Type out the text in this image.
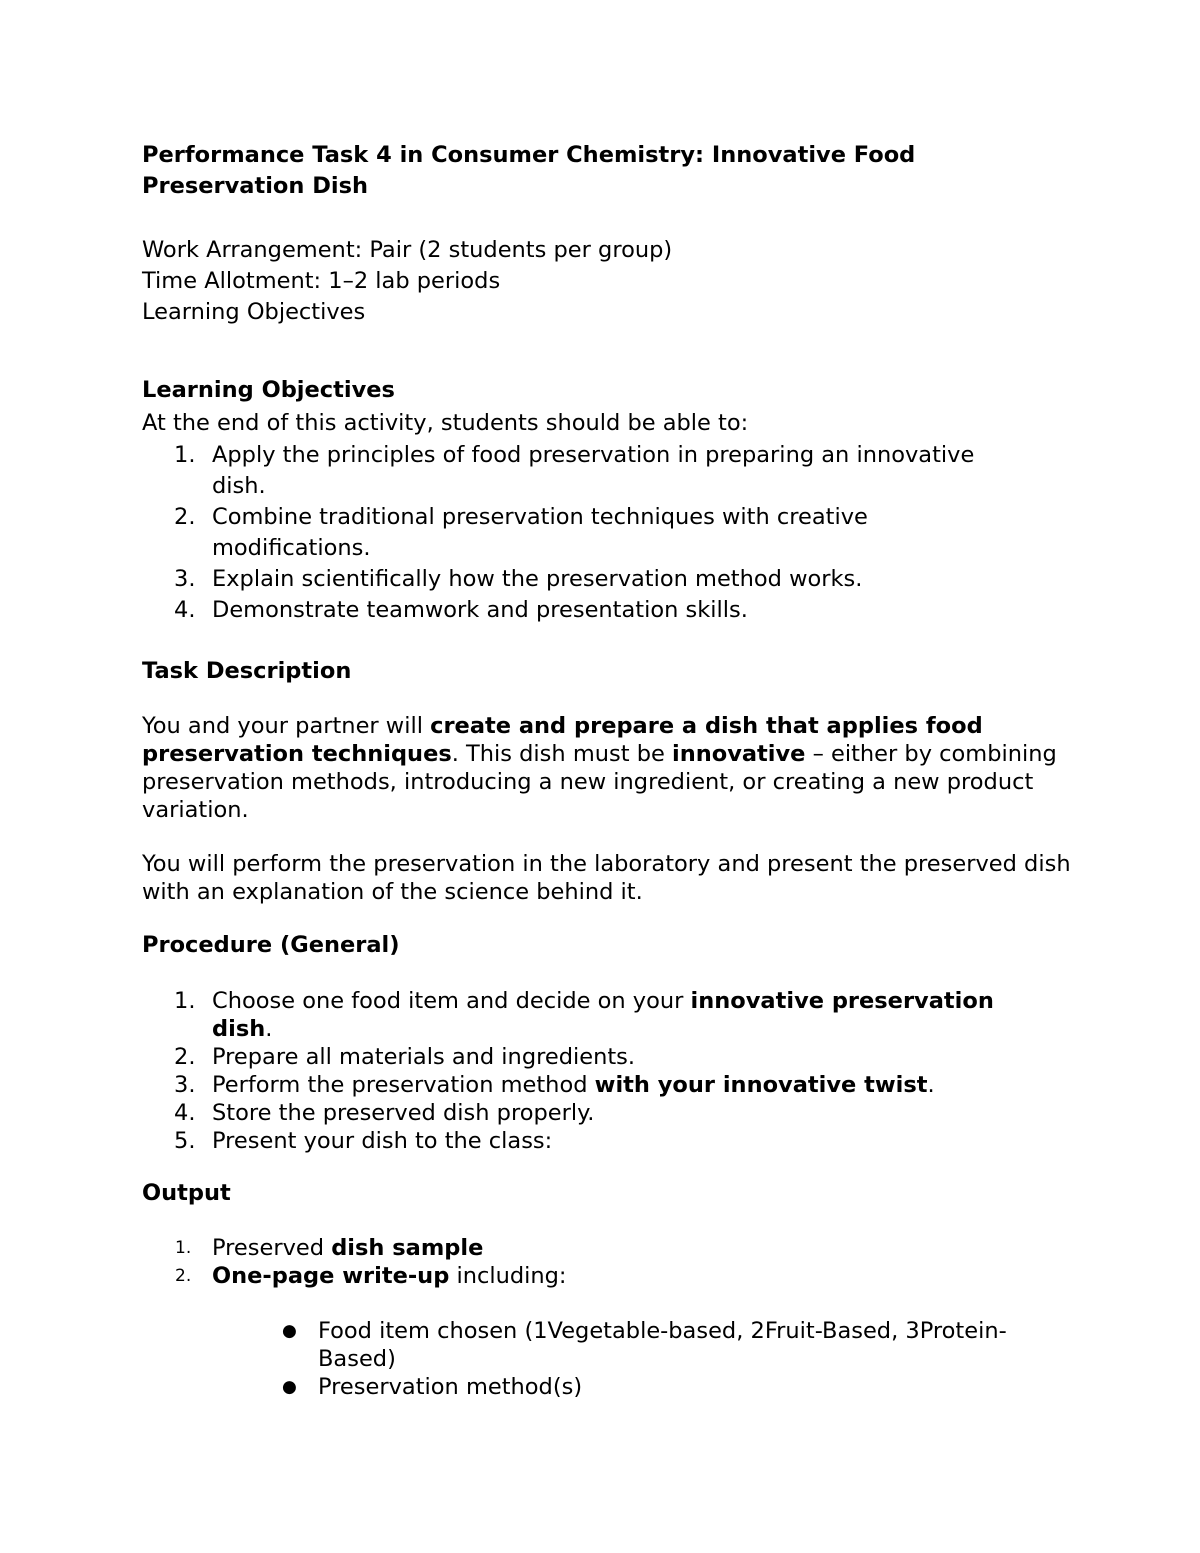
Performance Task 4 in Consumer Chemistry: Innovative Food
Preservation Dish
Work Arrangement: Pair (2 students per group)
Time Allotment: 1–2 lab periods
Learning Objectives
Learning Objectives
At the end of this activity, students should be able to:
1. Apply the principles of food preservation in preparing an innovative
dish.
2. Combine traditional preservation techniques with creative
modifications.
3. Explain scientifically how the preservation method works.
4. Demonstrate teamwork and presentation skills.
Task Description

You and your partner will create and prepare a dish that applies food preservation techniques. This dish must be innovative – either by combining preservation methods, introducing a new ingredient, or creating a new product variation.

You will perform the preservation in the laboratory and present the preserved dish with an explanation of the science behind it.

Procedure (General)
1. Choose one food item and decide on your innovative preservation
dish.
2. Prepare all materials and ingredients.
3. Perform the preservation method with your innovative twist.
4. Store the preserved dish properly.
5. Present your dish to the class:
Output
1. Preserved dish sample
2. One-page write-up including:
● Food item chosen (1Vegetable-based, 2Fruit-Based, 3Protein-
Based)
● Preservation method(s)
